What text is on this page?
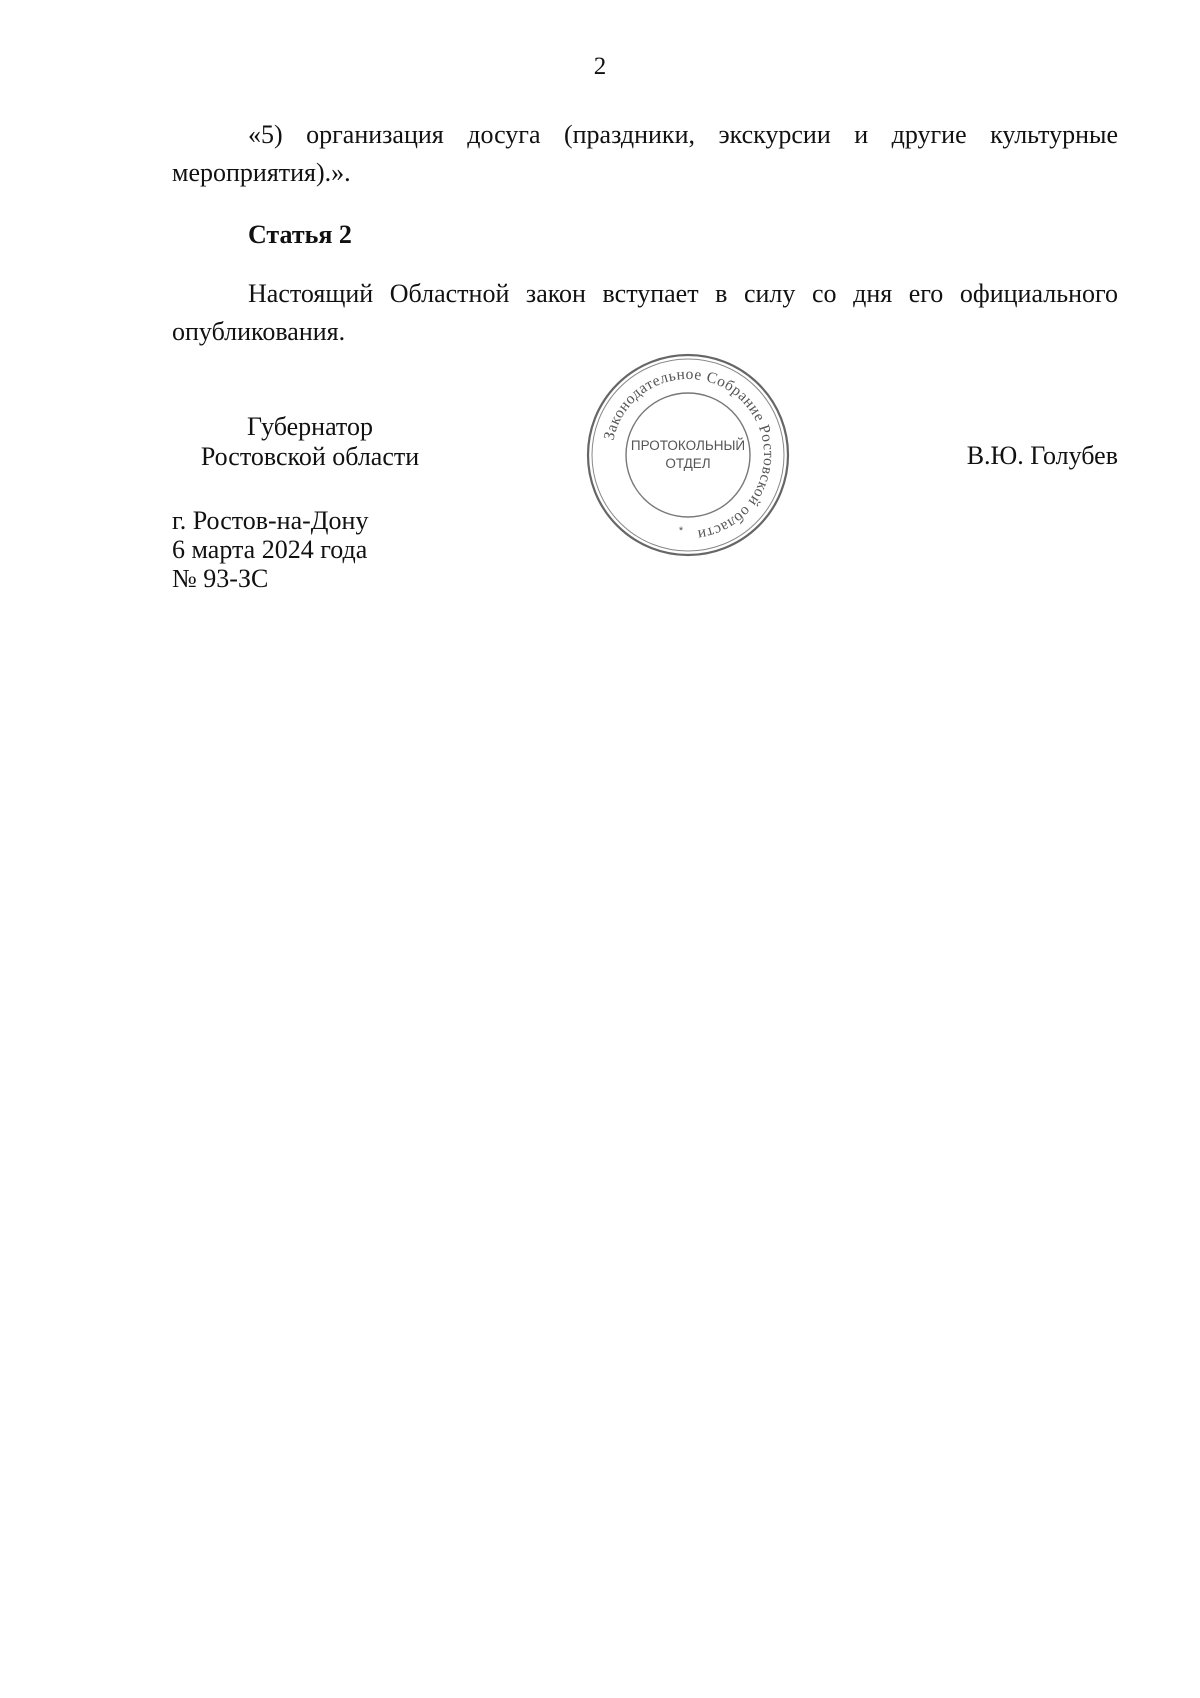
2

«5) организация досуга (праздники, экскурсии и другие культурные мероприятия).».

Статья 2

Настоящий Областной закон вступает в силу со дня его официального опубликования.

Губернатор
Ростовской области
Законодательное Собрание Ростовской области
ПРОТОКОЛЬНЫЙ
ОТДЕЛ
*
В.Ю. Голубев
г. Ростов-на-Дону
6 марта 2024 года
№ 93-ЗС
